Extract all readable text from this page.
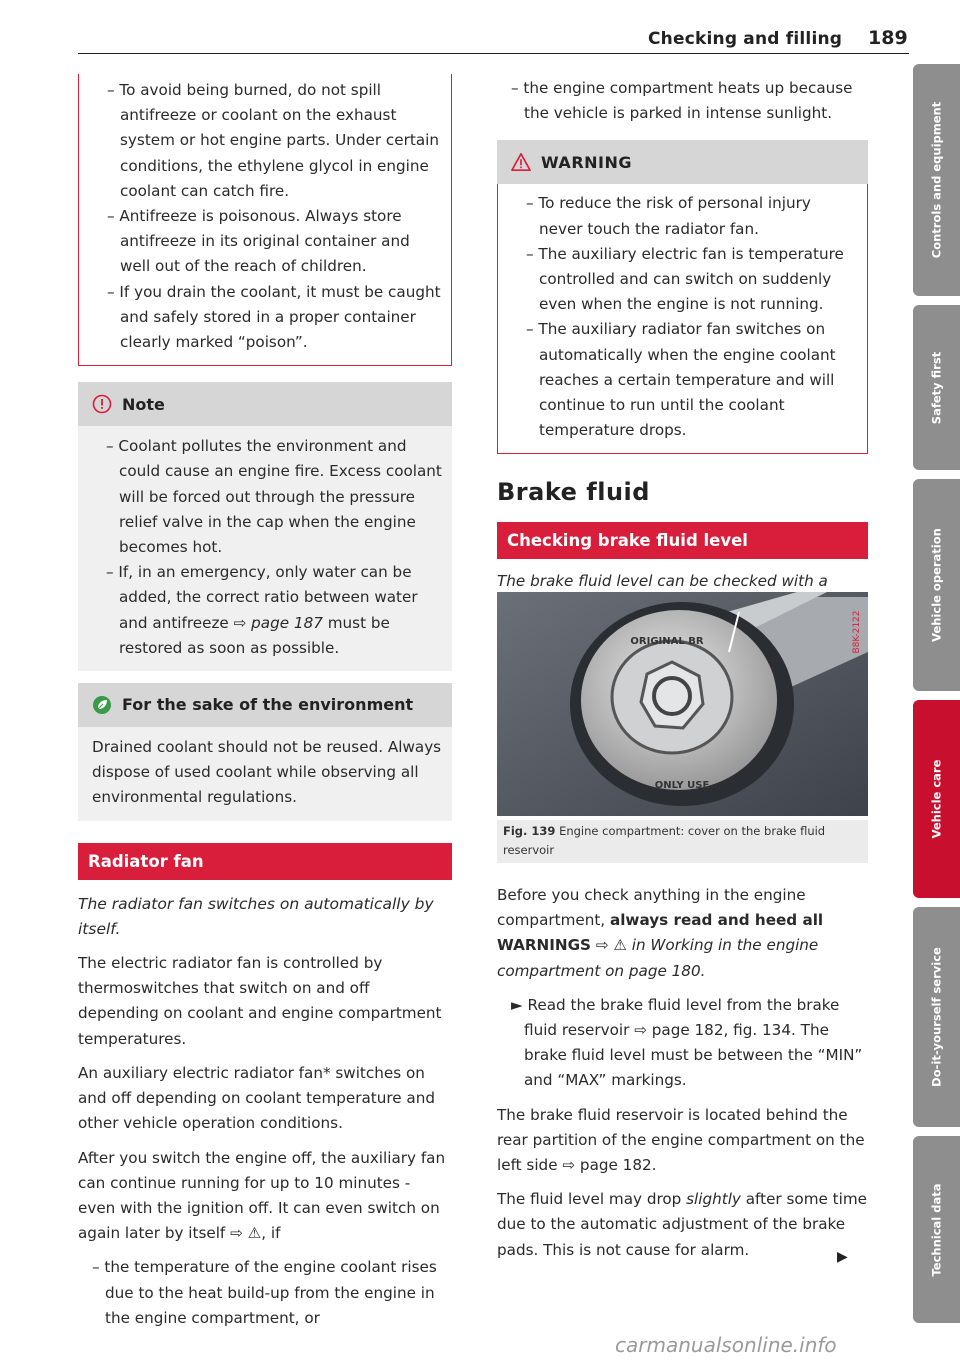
Checking and filling 189
– To avoid being burned, do not spill antifreeze or coolant on the exhaust system or hot engine parts. Under certain conditions, the ethylene glycol in engine coolant can catch fire.
– Antifreeze is poisonous. Always store antifreeze in its original container and well out of the reach of children.
– If you drain the coolant, it must be caught and safely stored in a proper container clearly marked “poison”.
Note
– Coolant pollutes the environment and could cause an engine fire. Excess coolant will be forced out through the pressure relief valve in the cap when the engine becomes hot.
– If, in an emergency, only water can be added, the correct ratio between water and antifreeze ⇨ page 187 must be restored as soon as possible.
For the sake of the environment
Drained coolant should not be reused. Always dispose of used coolant while observing all environmental regulations.
Radiator fan

The radiator fan switches on automatically by itself.

The electric radiator fan is controlled by thermoswitches that switch on and off depending on coolant and engine compartment temperatures.

An auxiliary electric radiator fan* switches on and off depending on coolant temperature and other vehicle operation conditions.

After you switch the engine off, the auxiliary fan can continue running for up to 10 minutes - even with the ignition off. It can even switch on again later by itself ⇨ ⚠, if

– the temperature of the engine coolant rises due to the heat build-up from the engine in the engine compartment, or
– the engine compartment heats up because the vehicle is parked in intense sunlight.
WARNING
– To reduce the risk of personal injury never touch the radiator fan.
– The auxiliary electric fan is temperature controlled and can switch on suddenly even when the engine is not running.
– The auxiliary radiator fan switches on automatically when the engine coolant reaches a certain temperature and will continue to run until the coolant temperature drops.
Brake fluid
Checking brake fluid level

The brake fluid level can be checked with a

ORIGINAL BR
ONLY USE
B8K-2122
Fig. 139 Engine compartment: cover on the brake fluid reservoir

Before you check anything in the engine compartment, always read and heed all WARNINGS ⇨ ⚠ in Working in the engine compartment on page 180.

► Read the brake fluid level from the brake fluid reservoir ⇨ page 182, fig. 134. The brake fluid level must be between the “MIN” and “MAX” markings.

The brake fluid reservoir is located behind the rear partition of the engine compartment on the left side ⇨ page 182.

The fluid level may drop slightly after some time due to the automatic adjustment of the brake pads. This is not cause for alarm.	▶
Controls and equipment
Safety first
Vehicle operation
Vehicle care
Do-it-yourself service
Technical data
carmanualsonline.info
